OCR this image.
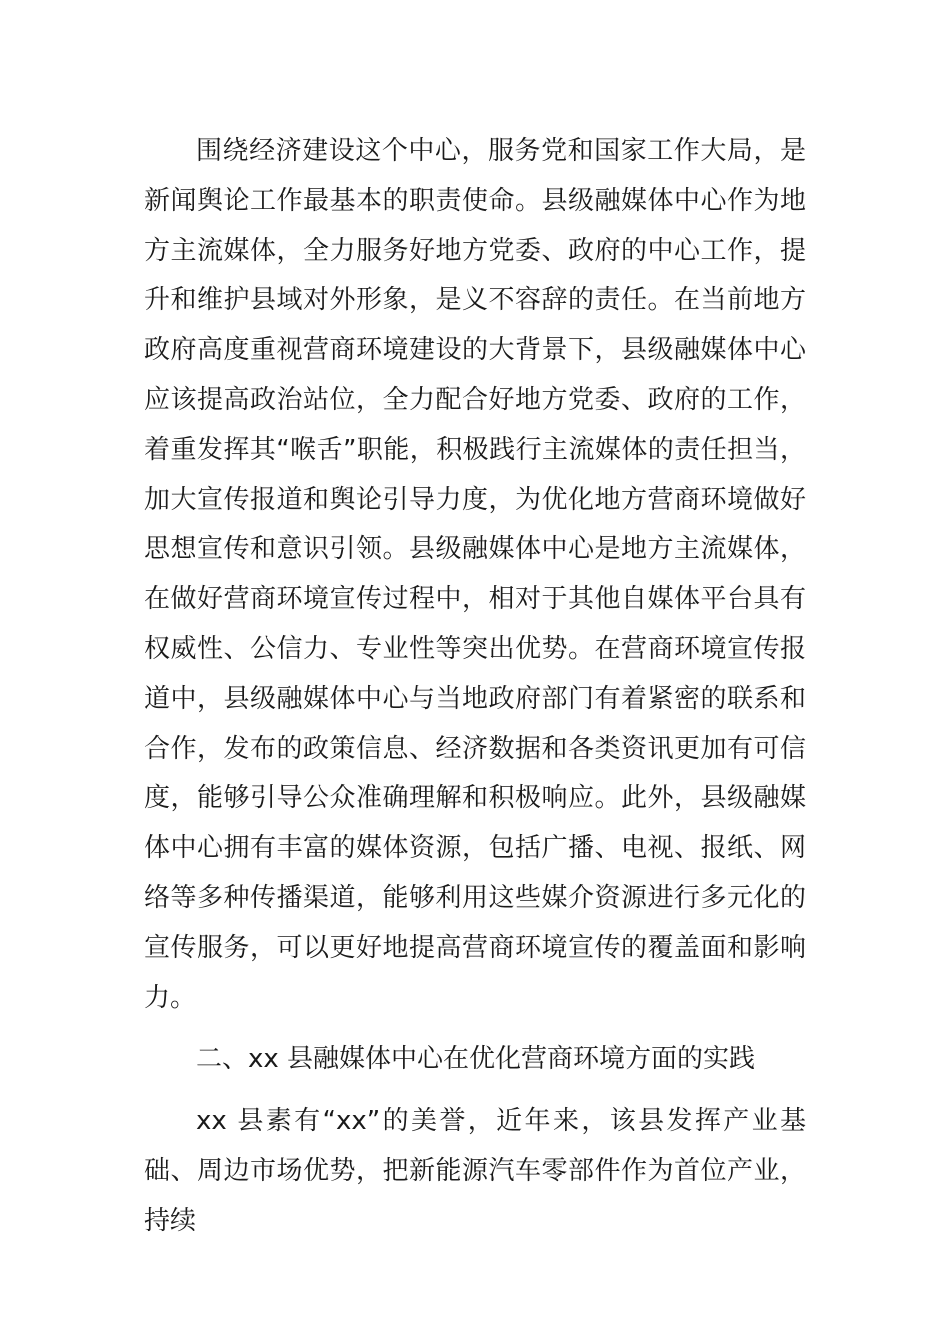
围绕经济建设这个中心，服务党和国家工作大局，是新闻舆论工作最基本的职责使命。县级融媒体中心作为地方主流媒体，全力服务好地方党委、政府的中心工作，提升和维护县域对外形象，是义不容辞的责任。在当前地方政府高度重视营商环境建设的大背景下，县级融媒体中心应该提高政治站位，全力配合好地方党委、政府的工作，着重发挥其“喉舌”职能，积极践行主流媒体的责任担当，加大宣传报道和舆论引导力度，为优化地方营商环境做好思想宣传和意识引领。县级融媒体中心是地方主流媒体，在做好营商环境宣传过程中，相对于其他自媒体平台具有权威性、公信力、专业性等突出优势。在营商环境宣传报道中，县级融媒体中心与当地政府部门有着紧密的联系和合作，发布的政策信息、经济数据和各类资讯更加有可信度，能够引导公众准确理解和积极响应。此外，县级融媒体中心拥有丰富的媒体资源，包括广播、电视、报纸、网络等多种传播渠道，能够利用这些媒介资源进行多元化的宣传服务，可以更好地提高营商环境宣传的覆盖面和影响力。

二、xx 县融媒体中心在优化营商环境方面的实践

xx 县素有“xx”的美誉，近年来，该县发挥产业基础、周边市场优势，把新能源汽车零部件作为首位产业，持续
